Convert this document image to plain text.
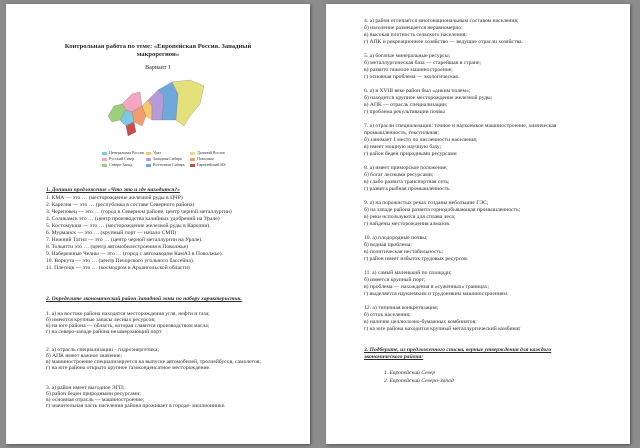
Контрольная работа по теме: «Европейская Россия. Западный
макрорегион»
Вариант 1
Центральная Россия
Русский Север
Северо-Запад
Урал
Западная Сибирь
Восточная Сибирь
Дальний Восток
Поволжье
Европейский Юг
1. Допиши предложение «Что это и где находится?»
1. КМА — это … (месторождение железной руды в ЦЧР)
2. Карелия — это … (республика в составе Северного района)
3. Череповец — это … (город в Северном районе, центр черной металлургии)
4. Соликамск это … (центр производства калийных удобрений на Урале)
5. Костомукша — это … (месторождение железной руды в Карелии).
6. Мурманск — это … (крупный порт — начало СМП)
7. Нижний Тагил — это … (центр черной металлургии на Урале).
8. Тольятти это … (центр автомобилестроения в Поволжье)
9. Набережные Челны — это … (город с автозаводом КамАЗ в Поволжье).
10. Воркута — это … (центр Печорского угольного бассейна).
11. Плесецк — это … (космодром в Архангельской области)
2. Определите экономический район Западной зоны по набору характеристик.
1. а) на востоке района находятся месторождения угля, нефти и газа;
б) имеются крупные запасы лесных ресурсов;
в) на юге района — область, которая славится производством масла;
г) на северо-западе района незамерзающий порт
2. а) отрасль специализации - гидроэнергетика;
б) АПК имеет важное значение;
в) машиностроение специализируется на выпуске автомобилей, троллейбусов, самолетов;
г) на юге района открыто крупное газоконденсатное месторождение.
3. а) район имеет выгодное ЭГП;
б) район беден природными ресурсами;
в) основная отрасль — машиностроение;
г) значительная часть населения района проживает в городе- миллионнике.
4. а) район отличается многонациональным составом населения;
б) население размещается неравномерно;
в) высокая плотность сельского населения;
г) АПК и рекреационное хозяйство — ведущие отрасли хозяйства.
5. а) богатые минеральные ресурсы;
б) металлургическая база — старейшая в стране;
в) развито тяжелое машиностроение;
г) основная проблема — экологическая.
6. а) в XVIII веке район был «диким полем»;
б) находится крупное месторождение железной руды;
в) АПК — отрасль специализации;
г) проблема рекультивации почвы
7. а) отрасли специализации: точное и наукоемкое машиностроение, химическая
промышленность, текстильная;
б) занимает 1 место по численности населения;
в) имеет мощную научную базу;
г) район беден природными ресурсами
8. а) имеет приморское положение;
б) богат лесными ресурсами;
в) слабо развита транспортная сеть;
г) развита рыбная промышленность
9. а) на порожистых реках созданы небольшие ГЭС;
б) на западе района развита горнодобывающая промышленность;
в) реки используются для сплава леса;
г) найдены месторождения алмазов.
10. а) плодородные почвы;
б) водная проблема;
в) политическая нестабильность;
г) район имеет избыток трудовых ресурсов.
11. а) самый маленький по площади;
б) имеется крупный порт;
в) проблема — нахождения в «суженных» границах;
г) выделяется наукоемким и трудоемким машиностроением.
12. а) типичная конкретизация;
б) отток населения;
в) наличие целлюлозно-бумажных комбинатов;
г) на юге района находится крупный металлургический комбинат
3. Подберите, из предложенного списка, верные утверждения для каждого
экономического района:
1. Европейский Север
2. Европейский Северо-Запад
